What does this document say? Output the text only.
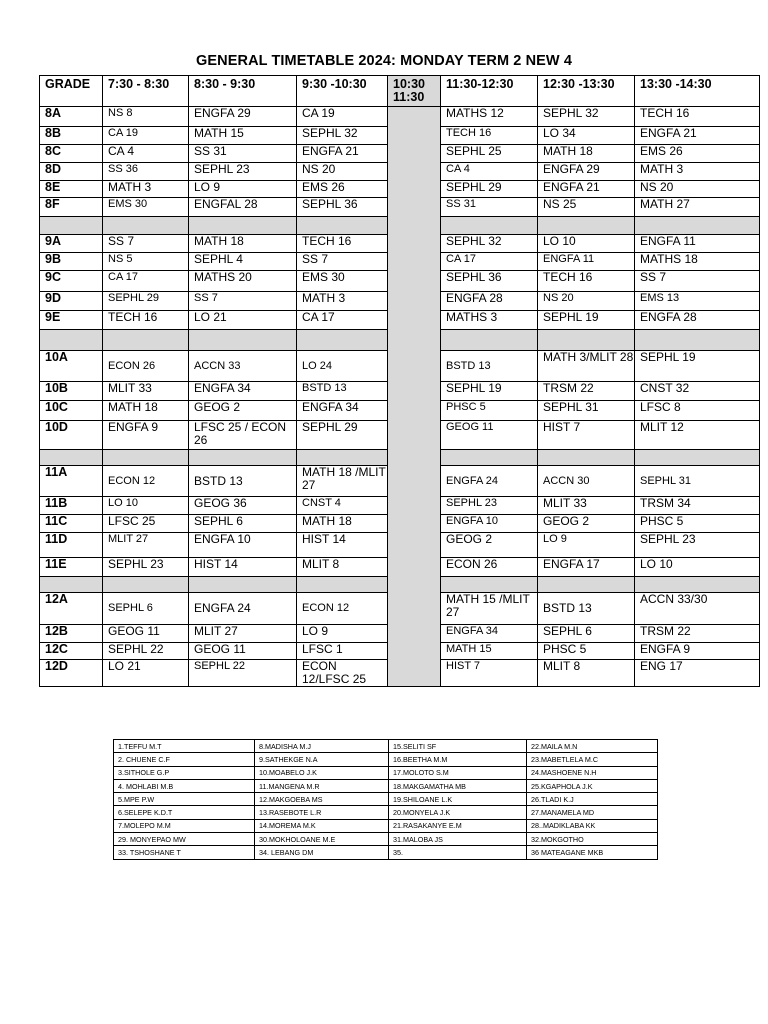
GENERAL TIMETABLE 2024: MONDAY TERM 2 NEW 4
GRADE	7:30 - 8:30	8:30 - 9:30	9:30 -10:30	10:30 11:30	11:30-12:30	12:30 -13:30	13:30 -14:30
8A	NS 8	ENGFA 29	CA 19		MATHS 12	SEPHL 32	TECH 16
8B	CA 19	MATH 15	SEPHL 32		TECH 16	LO 34	ENGFA 21
8C	CA 4	SS 31	ENGFA 21		SEPHL 25	MATH 18	EMS 26
8D	SS 36	SEPHL 23	NS 20		CA 4	ENGFA 29	MATH 3
8E	MATH 3	LO 9	EMS 26		SEPHL 29	ENGFA 21	NS 20
8F	EMS 30	ENGFAL 28	SEPHL 36		SS 31	NS 25	MATH 27

9A	SS 7	MATH 18	TECH 16		SEPHL 32	LO 10	ENGFA 11
9B	NS 5	SEPHL 4	SS 7		CA 17	ENGFA 11	MATHS 18
9C	CA 17	MATHS 20	EMS 30		SEPHL 36	TECH 16	SS 7
9D	SEPHL 29	SS 7	MATH 3		ENGFA 28	NS 20	EMS 13
9E	TECH 16	LO 21	CA 17		MATHS 3	SEPHL 19	ENGFA 28

10A	ECON 26	ACCN 33	LO 24		BSTD 13	MATH 3/MLIT 28	SEPHL 19
10B	MLIT 33	ENGFA 34	BSTD 13		SEPHL 19	TRSM 22	CNST 32
10C	MATH 18	GEOG 2	ENGFA 34		PHSC 5	SEPHL 31	LFSC 8
10D	ENGFA 9	LFSC 25 / ECON 26	SEPHL 29		GEOG 11	HIST 7	MLIT 12

11A	ECON 12	BSTD 13	MATH 18 /MLIT 27		ENGFA 24	ACCN 30	SEPHL 31
11B	LO 10	GEOG 36	CNST 4		SEPHL 23	MLIT 33	TRSM 34
11C	LFSC 25	SEPHL 6	MATH 18		ENGFA 10	GEOG 2	PHSC 5
11D	MLIT 27	ENGFA 10	HIST 14		GEOG 2	LO 9	SEPHL 23
11E	SEPHL 23	HIST 14	MLIT 8		ECON 26	ENGFA 17	LO 10

12A	SEPHL 6	ENGFA 24	ECON 12		MATH 15 /MLIT 27	BSTD 13	ACCN 33/30
12B	GEOG 11	MLIT 27	LO 9		ENGFA 34	SEPHL 6	TRSM 22
12C	SEPHL 22	GEOG 11	LFSC 1		MATH 15	PHSC 5	ENGFA 9
12D	LO 21	SEPHL 22	ECON 12/LFSC 25		HIST 7	MLIT 8	ENG 17
1.TEFFU M.T	8.MADISHA M.J	15.SELITI SF	22.MAILA M.N
2. CHUENE C.F	9.SATHEKGE N.A	16.BEETHA M.M	23.MABETLELA M.C
3.SITHOLE G.P	10.MOABELO J.K	17.MOLOTO S.M	24.MASHOENE N.H
4. MOHLABI M.B	11.MANGENA M.R	18.MAKGAMATHA MB	25.KGAPHOLA J.K
5.MPE P.W	12.MAKGOEBA MS	19.SHILOANE L.K	26.TLADI K.J
6.SELEPE K.D.T	13.RASEBOTE L.R	20.MONYELA J.K	27.MANAMELA MD
7.MOLEPO M.M	14.MOREMA M.K	21.RASAKANYE E.M	28..MADIKLABA KK
29. MONYEPAO MW	30.MOKHOLOANE M.E	31.MALOBA JS	32.MOKGOTHO
33. TSHOSHANE T	34. LEBANG DM	35.	36 MATEAGANE MKB
